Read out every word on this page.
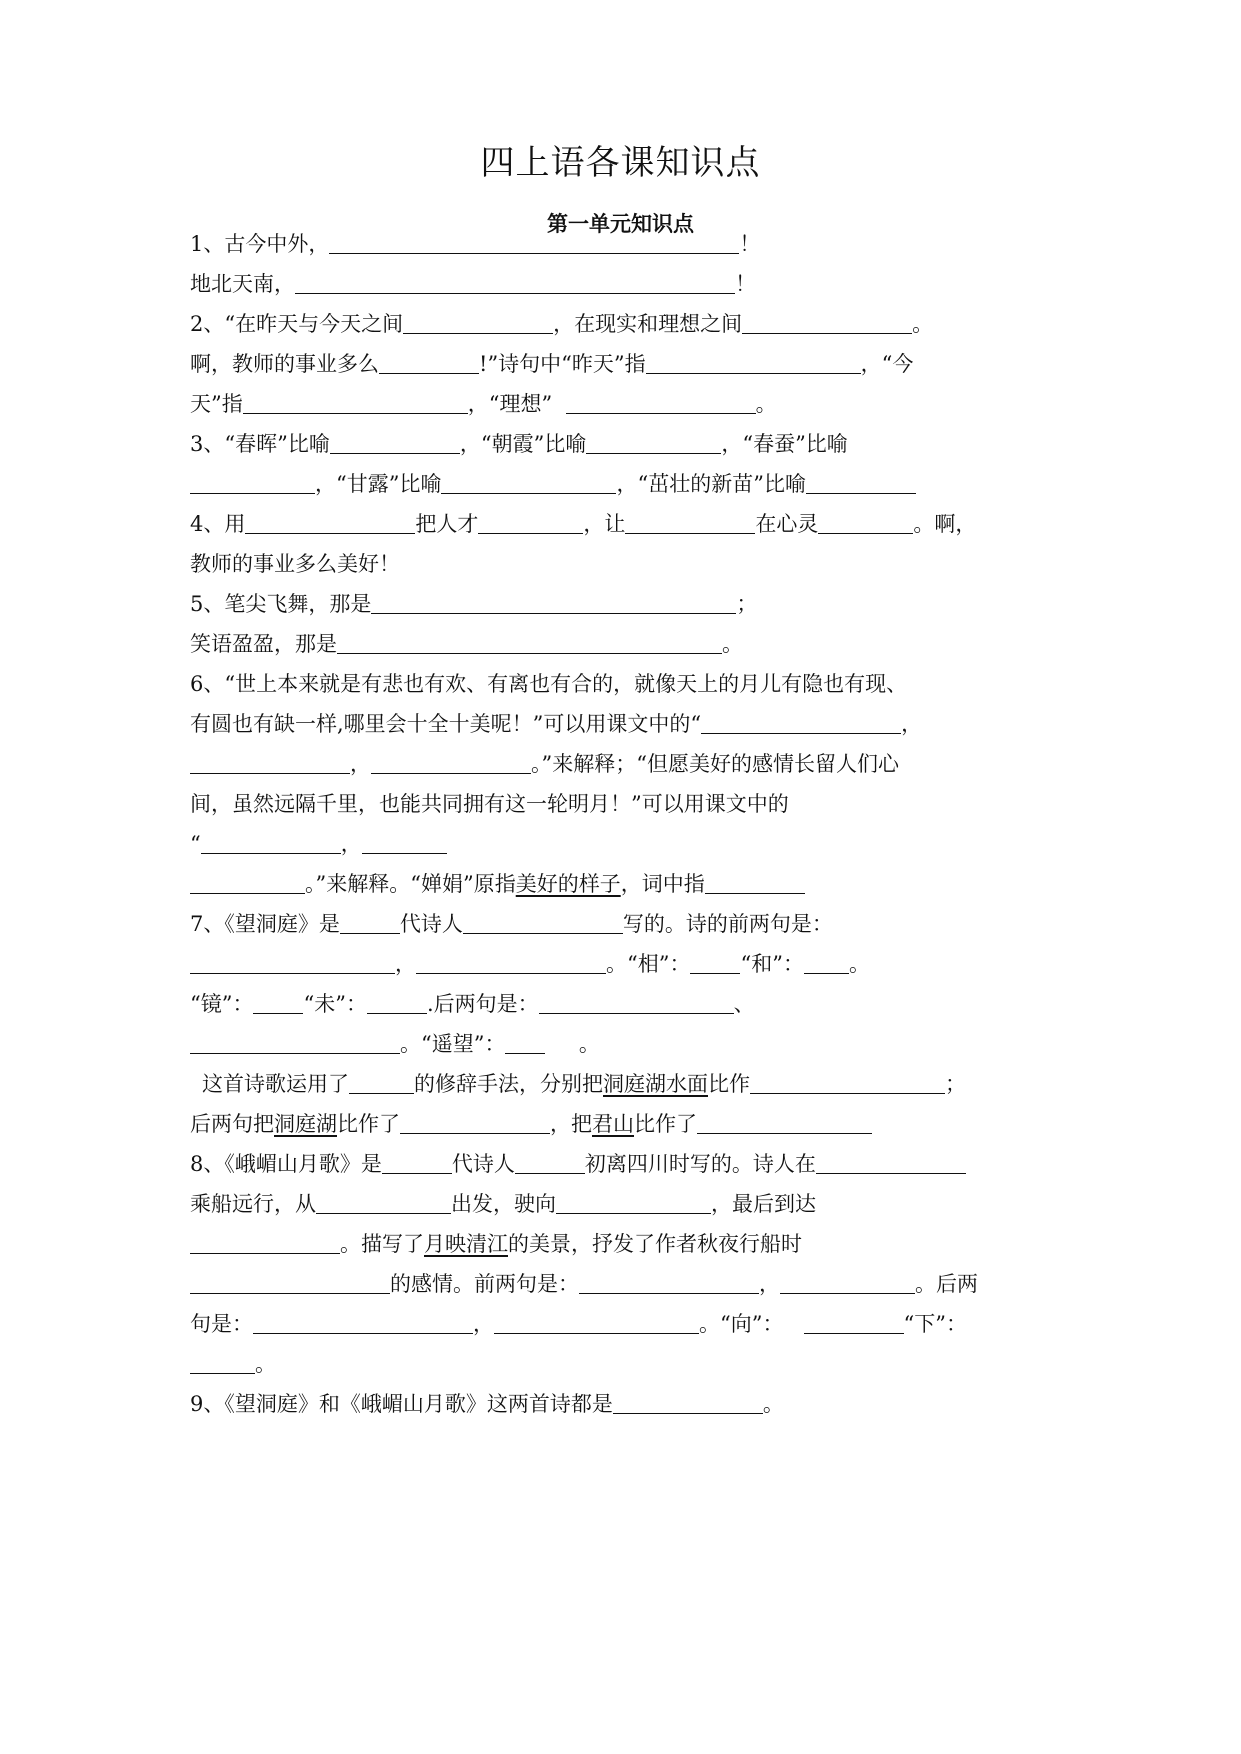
四上语各课知识点
第一单元知识点
1、古今中外，	！
地北天南，	！
2、“在昨天与今天之间	，在现实和理想之间	。
啊，教师的事业多么	!”诗句中“昨天”指	，“今
天”指	，“理想”	。
3、“春晖”比喻	，“朝霞”比喻	，“春蚕”比喻
，“甘露”比喻	，“茁壮的新苗”比喻
4、用	把人才	，让	在心灵	。啊，
教师的事业多么美好！
5、笔尖飞舞，那是	；
笑语盈盈，那是	。
6、“世上本来就是有悲也有欢、有离也有合的，就像天上的月儿有隐也有现、
有圆也有缺一样,哪里会十全十美呢！”可以用课文中的“	，
，	。”来解释；“但愿美好的感情长留人们心
间，虽然远隔千里，也能共同拥有这一轮明月！”可以用课文中的
“	，
。”来解释。“婵娟”原指美好的样子，词中指
7、《望洞庭》是	代诗人	写的。诗的前两句是：
，	。“相”： “和”： 。
“镜”： “未”：	.后两句是：	、
。“遥望”：	。
这首诗歌运用了	的修辞手法，分别把洞庭湖水面比作	；
后两句把洞庭湖比作了	，把君山比作了
8、《峨嵋山月歌》是	代诗人	初离四川时写的。诗人在
乘船远行，从	出发，驶向	，最后到达
。描写了月映清江的美景，抒发了作者秋夜行船时
的感情。前两句是：	，	。后两
句是：	，	。“向”：	“下”：
。
9、《望洞庭》和《峨嵋山月歌》这两首诗都是	。
